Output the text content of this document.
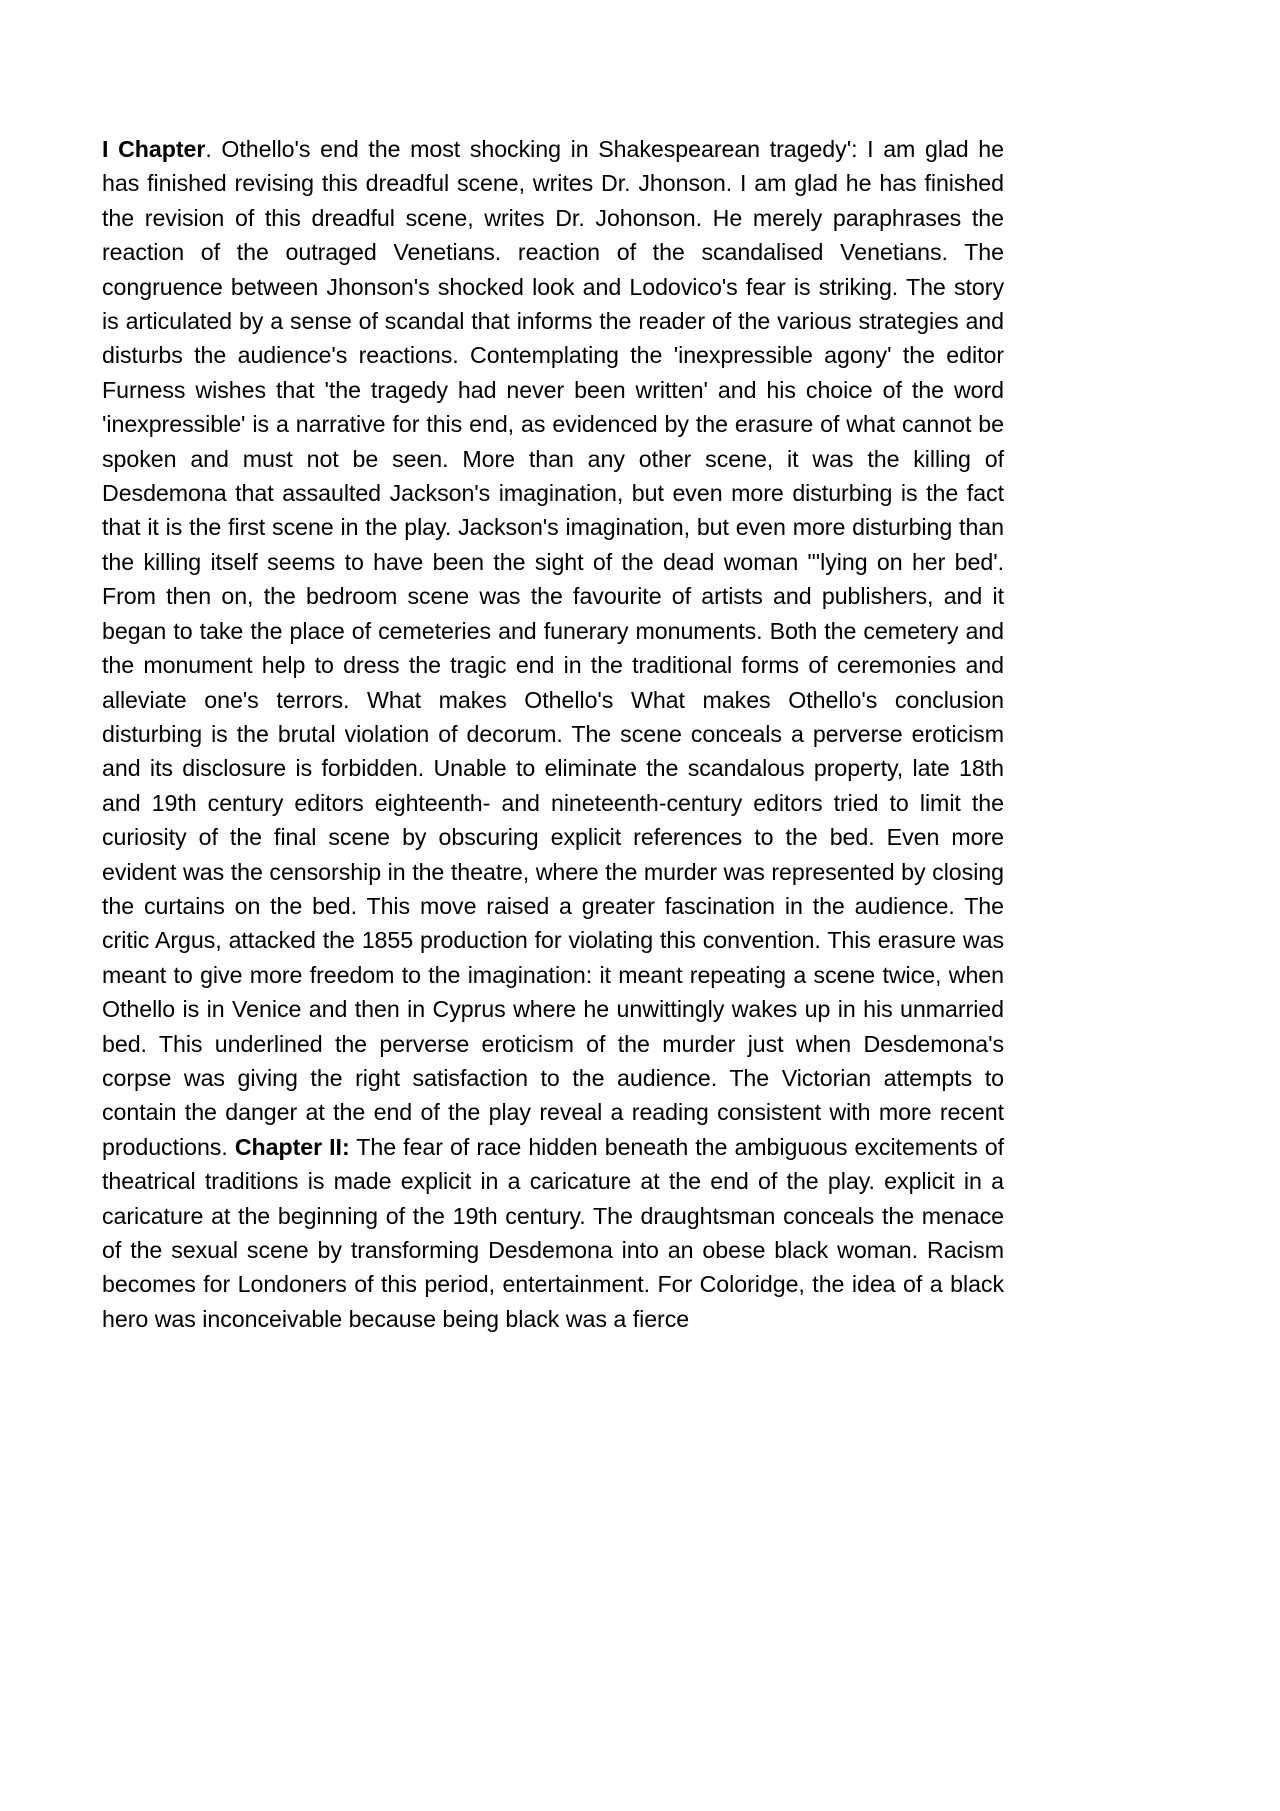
I Chapter. Othello's end the most shocking in Shakespearean tragedy': I am glad he has finished revising this dreadful scene, writes Dr. Jhonson. I am glad he has finished the revision of this dreadful scene, writes Dr. Johonson. He merely paraphrases the reaction of the outraged Venetians. reaction of the scandalised Venetians. The congruence between Jhonson's shocked look and Lodovico's fear is striking. The story is articulated by a sense of scandal that informs the reader of the various strategies and disturbs the audience's reactions. Contemplating the 'inexpressible agony' the editor Furness wishes that 'the tragedy had never been written' and his choice of the word 'inexpressible' is a narrative for this end, as evidenced by the erasure of what cannot be spoken and must not be seen. More than any other scene, it was the killing of Desdemona that assaulted Jackson's imagination, but even more disturbing is the fact that it is the first scene in the play. Jackson's imagination, but even more disturbing than the killing itself seems to have been the sight of the dead woman "'lying on her bed'. From then on, the bedroom scene was the favourite of artists and publishers, and it began to take the place of cemeteries and funerary monuments. Both the cemetery and the monument help to dress the tragic end in the traditional forms of ceremonies and alleviate one's terrors. What makes Othello's What makes Othello's conclusion disturbing is the brutal violation of decorum. The scene conceals a perverse eroticism and its disclosure is forbidden. Unable to eliminate the scandalous property, late 18th and 19th century editors eighteenth- and nineteenth-century editors tried to limit the curiosity of the final scene by obscuring explicit references to the bed. Even more evident was the censorship in the theatre, where the murder was represented by closing the curtains on the bed. This move raised a greater fascination in the audience. The critic Argus, attacked the 1855 production for violating this convention. This erasure was meant to give more freedom to the imagination: it meant repeating a scene twice, when Othello is in Venice and then in Cyprus where he unwittingly wakes up in his unmarried bed. This underlined the perverse eroticism of the murder just when Desdemona's corpse was giving the right satisfaction to the audience. The Victorian attempts to contain the danger at the end of the play reveal a reading consistent with more recent productions. Chapter II: The fear of race hidden beneath the ambiguous excitements of theatrical traditions is made explicit in a caricature at the end of the play. explicit in a caricature at the beginning of the 19th century. The draughtsman conceals the menace of the sexual scene by transforming Desdemona into an obese black woman. Racism becomes for Londoners of this period, entertainment. For Coloridge, the idea of a black hero was inconceivable because being black was a fierce
